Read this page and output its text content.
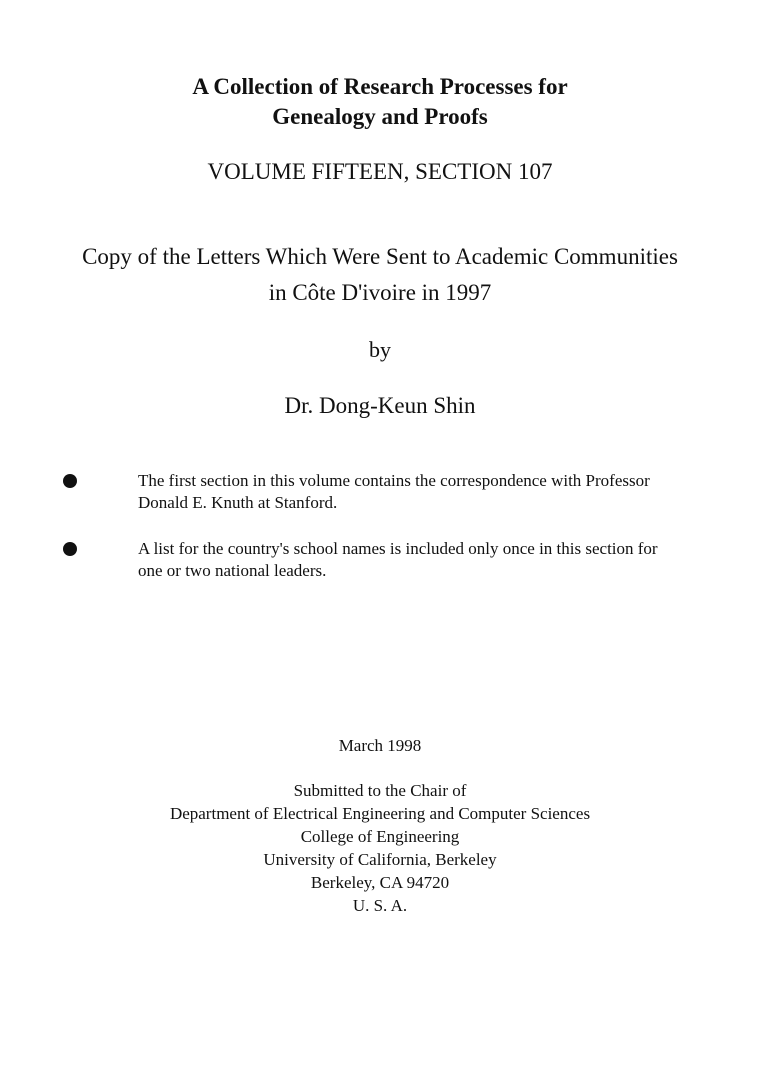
A Collection of Research Processes for
Genealogy and Proofs
VOLUME FIFTEEN, SECTION 107
Copy of the Letters Which Were Sent to Academic Communities
in Côte D'ivoire in 1997
by
Dr. Dong-Keun Shin
The first section in this volume contains the correspondence with Professor
Donald E. Knuth at Stanford.
A list for the country's school names is included only once in this section for
one or two national leaders.
March 1998
Submitted to the Chair of
Department of Electrical Engineering and Computer Sciences
College of Engineering
University of California, Berkeley
Berkeley, CA 94720
U. S. A.
